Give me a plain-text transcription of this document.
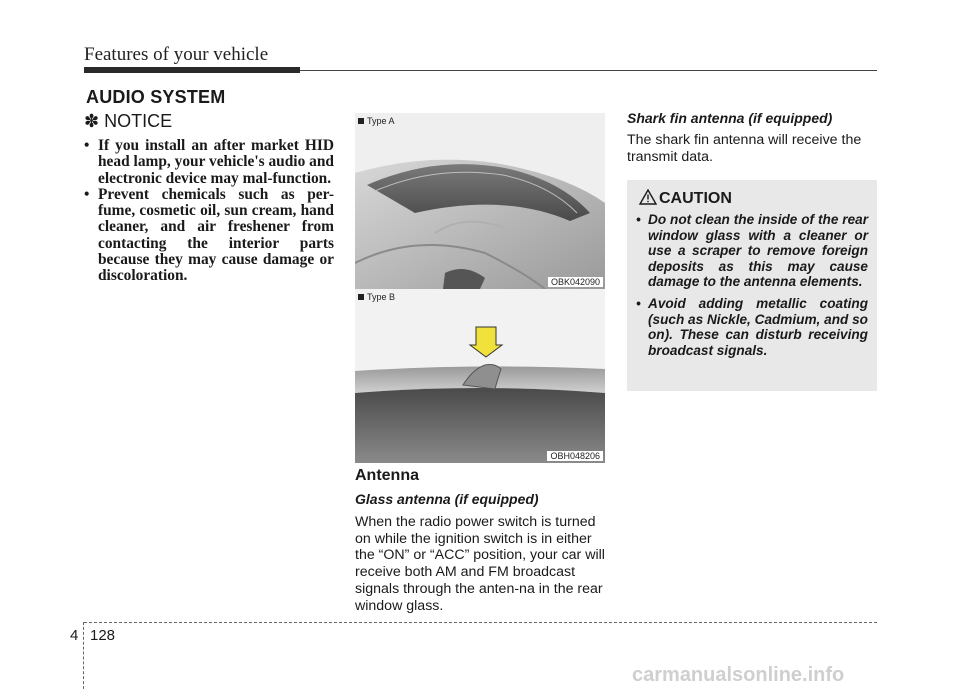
Features of your vehicle
AUDIO SYSTEM
✽ NOTICE
• If you install an after market HID head lamp, your vehicle's audio and electronic device may mal-function.
• Prevent chemicals such as per-fume, cosmetic oil, sun cream, hand cleaner, and air freshener from contacting the interior parts because they may cause damage or discoloration.
Type A
OBK042090
Type B
OBH048206
Antenna
Glass antenna (if equipped)

When the radio power switch is turned on while the ignition switch is in either the “ON” or “ACC” position, your car will receive both AM and FM broadcast signals through the anten-na in the rear window glass.

Shark fin antenna (if equipped)

The shark fin antenna will receive the transmit data.

CAUTION
• Do not clean the inside of the rear window glass with a cleaner or use a scraper to remove foreign deposits as this may cause damage to the antenna elements.
• Avoid adding metallic coating (such as Nickle, Cadmium, and so on). These can disturb receiving broadcast signals.
4 128
carmanualsonline.info
